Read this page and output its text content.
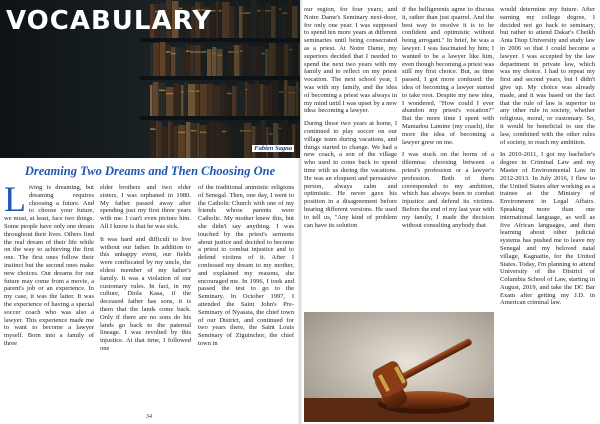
VOCABULARY
Fabien Sagna
Dreaming Two Dreams and Then Choosing One

Living is dreaming, but dreaming requires choosing a future. And to choose your future, we must, at least, face two things. Some people have only one dream throughout their lives. Others find the real dream of their life while on the way to achieving the first one. The first ones follow their instinct but the second ones make new choices. Our dreams for our future may come from a movie, a parent's job or an experience. In my case, it was the latter. It was the experience of having a special soccer coach who was also a lawyer. This experience made me to want to become a lawyer myself. Born into a family of three

elder brothers and two elder sisters, I was orphaned in 1980. My father passed away after spending just my first three years with me. I can't even picture him. All I know is that he was sick.

It was hard and difficult to live without our father. In addition to this unhappy event, our fields were confiscated by my uncle, the eldest member of my father's family. It was a violation of our customary rules. In fact, in my culture, Diola Kasa, if the deceased father has sons, it is them that the lands come back. Only if there are no sons do his lands go back to the paternal lineage. I was revolted by this injustice. At that time, I followed one

of the traditional animistic religions of Senegal. Then, one day, I went to the Catholic Church with one of my friends whose parents were Catholic. My mother knew this, but she didn't say anything. I was touched by the priest's sermons about justice and decided to become a priest to combat injustice and to defend victims of it. After I confessed my dream to my mother, and explained my reasons, she encouraged me. In 1996, I took and passed the test to go to the Seminary. In October 1997, I attended the Saint John's Pre-Seminary of Nyassia, the chief town of our District, and continued for two years there, the Saint Louis Seminary of Ziguinchor, the chief town in

34

our region, for four years; and Notre Dame's Seminary next-door, for only one year. I was supposed to spend ten more years at different seminaries until being consecrated as a priest. At Notre Dame, my superiors decided that I needed to spend the next two years with my family and to reflect on my priest vocation. The next school year, I was with my family, and the idea of becoming a priest was always in my mind until I was upset by a new idea: becoming a lawyer.

During those two years at home, I continued to play soccer on our village team during vacations, and things started to change. We had a new coach, a son of the village who used to come back to spend time with us during the vacations. He was an eloquent and persuasive person, always calm and optimistic. He never gave his position in a disagreement before hearing different versions. He used to tell us, "Any kind of problem can have its solution

if the belligerents agree to discuss it, rather than just quarrel. And the best way to resolve it is to be confident and optimistic without being arrogant." In brief, he was a lawyer. I was fascinated by him; I wanted to be a lawyer like him, even though becoming a priest was still my first choice. But, as time passed, I got more confused: the idea of becoming a lawyer started to take root. Despite my new idea, I wondered, "How could I ever abandon my priest's vocation?" But the more time I spent with Mamadou Lamine (my coach), the more the idea of becoming a lawyer grew on me.

I was stuck on the horns of a dilemma: choosing between a priest's profession or a lawyer's profession. Both of them corresponded to my ambition, which has always been to combat injustice and defend its victims. Before the end of my last year with my family, I made the decision without consulting anybody that

would determine my future. After earning my college degree, I decided not go back to seminary, but rather to attend Dakar's Cheikh Anta Diop University and study law in 2006 so that I could become a lawyer. I was accepted by the law department in private law, which was my choice. I had to repeat my first and second years, but I didn't give up. My choice was already made, and it was based on the fact that the rule of law is superior to any other rule in society, whether religious, moral, or customary. So, it would be beneficial to use the law, combined with the other rules of society, to reach my ambition.

In 2010-2011, I got my bachelor's degree in Criminal Law and my Master of Environmental Law in 2012-2013. In July 2016, I flew to the United States after working as a trainee at the Ministry of Environment in Legal Affairs. Speaking more than one international language, as well as five African languages, and then learning about other judicial systems has pushed me to leave my Senegal and my beloved natal village, Kagnaitte, for the United States. Today, I'm planning to attend University of the District of Columbia School of Law, starting in August, 2019, and take the DC Bar Exam after getting my J.D. in American criminal law.

35
